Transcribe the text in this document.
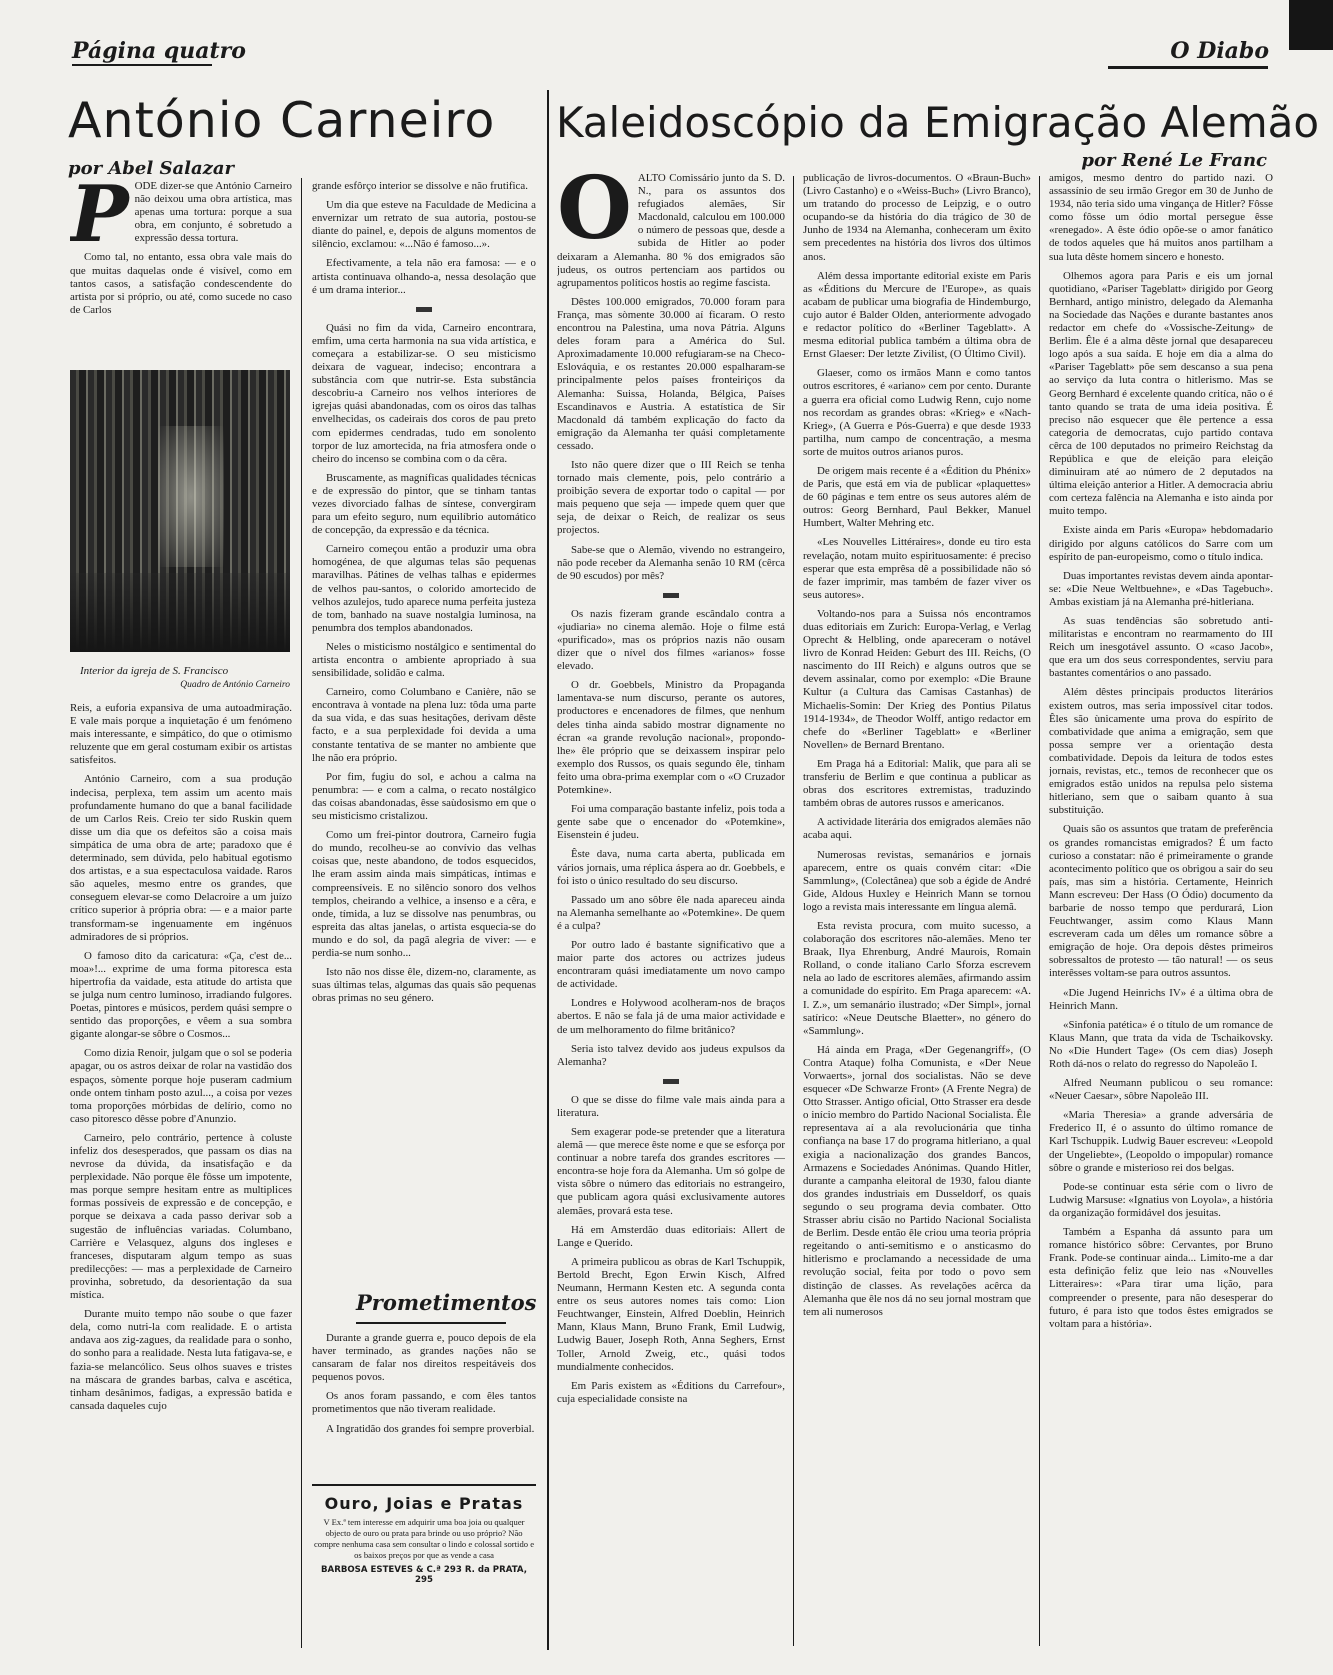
Página quatro	O Diabo
António Carneiro
por Abel Salazar
P ODE dizer-se que António Carneiro não deixou uma obra artística, mas apenas uma tortura: porque a sua obra, em conjunto, é sobretudo a expressão dessa tortura.

Como tal, no entanto, essa obra vale mais do que muitas daquelas onde é visível, como em tantos casos, a satisfação condescendente do artista por si próprio, ou até, como sucede no caso de Carlos

Interior da igreja de S. Francisco
Quadro de António Carneiro

Reis, a euforia expansiva de uma autoadmiração. E vale mais porque a inquietação é um fenómeno mais interessante, e simpático, do que o otimismo reluzente que em geral costumam exibir os artistas satisfeitos.

António Carneiro, com a sua produção indecisa, perplexa, tem assim um acento mais profundamente humano do que a banal facilidade de um Carlos Reis. Creio ter sido Ruskin quem disse um dia que os defeitos são a coisa mais simpática de uma obra de arte; paradoxo que é determinado, sem dúvida, pelo habitual egotismo dos artistas, e a sua espectaculosa vaidade. Raros são aqueles, mesmo entre os grandes, que conseguem elevar-se como Delacroire a um juízo crítico superior à própria obra: — e a maior parte transformam-se ingenuamente em ingénuos admiradores de si próprios.

O famoso dito da caricatura: «Ça, c'est de... moa»!... exprime de uma forma pitoresca esta hipertrofia da vaidade, esta atitude do artista que se julga num centro luminoso, irradiando fulgores. Poetas, pintores e músicos, perdem quási sempre o sentido das proporções, e vêem a sua sombra gigante alongar-se sôbre o Cosmos...

Como dizia Renoir, julgam que o sol se poderia apagar, ou os astros deixar de rolar na vastidão dos espaços, sòmente porque hoje puseram cadmium onde ontem tinham posto azul..., a coisa por vezes toma proporções mórbidas de delírio, como no caso pitoresco dêsse pobre d'Anunzio.

Carneiro, pelo contrário, pertence à coluste infeliz dos desesperados, que passam os dias na nevrose da dúvida, da insatisfação e da perplexidade. Não porque êle fôsse um impotente, mas porque sempre hesitam entre as multiplices formas possíveis de expressão e de concepção, e porque se deixava a cada passo derivar sob a sugestão de influências variadas. Columbano, Carrière e Velasquez, alguns dos ingleses e franceses, disputaram algum tempo as suas predilecções: — mas a perplexidade de Carneiro provinha, sobretudo, da desorientação da sua mística.

Durante muito tempo não soube o que fazer dela, como nutri-la com realidade. E o artista andava aos zig-zagues, da realidade para o sonho, do sonho para a realidade. Nesta luta fatigava-se, e fazia-se melancólico. Seus olhos suaves e tristes na máscara de grandes barbas, calva e ascética, tinham desânimos, fadigas, a expressão batida e cansada daqueles cujo

grande esfôrço interior se dissolve e não frutifica.

Um dia que esteve na Faculdade de Medicina a envernizar um retrato de sua autoria, postou-se diante do painel, e, depois de alguns momentos de silêncio, exclamou: «...Não é famoso...».

Efectivamente, a tela não era famosa: — e o artista continuava olhando-a, nessa desolação que é um drama interior...

Quási no fim da vida, Carneiro encontrara, emfim, uma certa harmonia na sua vida artística, e começara a estabilizar-se. O seu misticismo deixara de vaguear, indeciso; encontrara a substância com que nutrir-se. Esta substância descobriu-a Carneiro nos velhos interiores de igrejas quási abandonadas, com os oiros das talhas envelhecidas, os cadeirais dos coros de pau preto com epidermes cendradas, tudo em sonolento torpor de luz amortecida, na fria atmosfera onde o cheiro do incenso se combina com o da cêra.

Bruscamente, as magníficas qualidades técnicas e de expressão do pintor, que se tinham tantas vezes divorciado falhas de síntese, convergiram para um efeito seguro, num equilíbrio automático de concepção, da expressão e da técnica.

Carneiro começou então a produzir uma obra homogénea, de que algumas telas são pequenas maravilhas. Pátines de velhas talhas e epidermes de velhos pau-santos, o colorido amortecido de velhos azulejos, tudo aparece numa perfeita justeza de tom, banhado na suave nostalgia luminosa, na penumbra dos templos abandonados.

Neles o misticismo nostálgico e sentimental do artista encontra o ambiente apropriado à sua sensibilidade, solidão e calma.

Carneiro, como Columbano e Canière, não se encontrava à vontade na plena luz: tôda uma parte da sua vida, e das suas hesitações, derivam dêste facto, e a sua perplexidade foi devida a uma constante tentativa de se manter no ambiente que lhe não era próprio.

Por fim, fugiu do sol, e achou a calma na penumbra: — e com a calma, o recato nostálgico das coisas abandonadas, êsse saùdosismo em que o seu misticismo cristalizou.

Como um frei-pintor doutrora, Carneiro fugia do mundo, recolheu-se ao convívio das velhas coisas que, neste abandono, de todos esquecidos, lhe eram assim ainda mais simpáticas, íntimas e compreensíveis. E no silêncio sonoro dos velhos templos, cheirando a velhice, a insenso e a cêra, e onde, tímida, a luz se dissolve nas penumbras, ou espreita das altas janelas, o artista esquecia-se do mundo e do sol, da pagã alegria de viver: — e perdia-se num sonho...

Isto não nos disse êle, dizem-no, claramente, as suas últimas telas, algumas das quais são pequenas obras primas no seu género.

Prometimentos

Durante a grande guerra e, pouco depois de ela haver terminado, as grandes nações não se cansaram de falar nos direitos respeitáveis dos pequenos povos.

Os anos foram passando, e com êles tantos prometimentos que não tiveram realidade.

A Ingratidão dos grandes foi sempre proverbial.

Ouro, Joias e Pratas
V Ex.ª tem interesse em adquirir uma boa joia ou qualquer objecto de ouro ou prata para brinde ou uso próprio? Não compre nenhuma casa sem consultar o lindo e colossal sortido e os baixos preços por que as vende a casa
BARBOSA ESTEVES & C.ª 293 R. da PRATA, 295
Kaleidoscópio da Emigração Alemão
por René Le Franc
O ALTO Comissário junto da S. D. N., para os assuntos dos refugiados alemães, Sir Macdonald, calculou em 100.000 o número de pessoas que, desde a subida de Hitler ao poder deixaram a Alemanha. 80 % dos emigrados são judeus, os outros pertenciam aos partidos ou agrupamentos políticos hostis ao regime fascista.

Dêstes 100.000 emigrados, 70.000 foram para França, mas sòmente 30.000 aí ficaram. O resto encontrou na Palestina, uma nova Pátria. Alguns deles foram para a América do Sul. Aproximadamente 10.000 refugiaram-se na Checo-Eslováquia, e os restantes 20.000 espalharam-se principalmente pelos países fronteiriços da Alemanha: Suissa, Holanda, Bélgica, Países Escandinavos e Austria. A estatística de Sir Macdonald dá também explicação do facto da emigração da Alemanha ter quási completamente cessado.

Isto não quere dizer que o III Reich se tenha tornado mais clemente, pois, pelo contrário a proibição severa de exportar todo o capital — por mais pequeno que seja — impede quem quer que seja, de deixar o Reich, de realizar os seus projectos.

Sabe-se que o Alemão, vivendo no estrangeiro, não pode receber da Alemanha senão 10 RM (cêrca de 90 escudos) por mês?

Os nazis fizeram grande escândalo contra a «judiaria» no cinema alemão. Hoje o filme está «purificado», mas os próprios nazis não ousam dizer que o nível dos filmes «arianos» fosse elevado.

O dr. Goebbels, Ministro da Propaganda lamentava-se num discurso, perante os autores, productores e encenadores de filmes, que nenhum deles tinha ainda sabido mostrar dignamente no écran «a grande revolução nacional», propondo-lhe» êle próprio que se deixassem inspirar pelo exemplo dos Russos, os quais segundo êle, tinham feito uma obra-prima exemplar com o «O Cruzador Potemkine».

Foi uma comparação bastante infeliz, pois toda a gente sabe que o encenador do «Potemkine», Eisenstein é judeu.

Êste dava, numa carta aberta, publicada em vários jornais, uma réplica áspera ao dr. Goebbels, e foi isto o único resultado do seu discurso.

Passado um ano sôbre êle nada apareceu ainda na Alemanha semelhante ao «Potemkine». De quem é a culpa?

Por outro lado é bastante significativo que a maior parte dos actores ou actrizes judeus encontraram quási imediatamente um novo campo de actividade.

Londres e Holywood acolheram-nos de braços abertos. E não se fala já de uma maior actividade e de um melhoramento do filme britânico?

Seria isto talvez devido aos judeus expulsos da Alemanha?

O que se disse do filme vale mais ainda para a literatura.

Sem exagerar pode-se pretender que a literatura alemã — que merece êste nome e que se esforça por continuar a nobre tarefa dos grandes escritores — encontra-se hoje fora da Alemanha. Um só golpe de vista sôbre o número das editoriais no estrangeiro, que publicam agora quási exclusivamente autores alemães, provará esta tese.

Há em Amsterdão duas editoriais: Allert de Lange e Querido.

A primeira publicou as obras de Karl Tschuppik, Bertold Brecht, Egon Erwin Kisch, Alfred Neumann, Hermann Kesten etc. A segunda conta entre os seus autores nomes tais como: Lion Feuchtwanger, Einstein, Alfred Doeblin, Heinrich Mann, Klaus Mann, Bruno Frank, Emil Ludwig, Ludwig Bauer, Joseph Roth, Anna Seghers, Ernst Toller, Arnold Zweig, etc., quási todos mundialmente conhecidos.

Em Paris existem as «Éditions du Carrefour», cuja especialidade consiste na

publicação de livros-documentos. O «Braun-Buch» (Livro Castanho) e o «Weiss-Buch» (Livro Branco), um tratando do processo de Leipzig, e o outro ocupando-se da história do dia trágico de 30 de Junho de 1934 na Alemanha, conheceram um êxito sem precedentes na história dos livros dos últimos anos.

Além dessa importante editorial existe em Paris as «Éditions du Mercure de l'Europe», as quais acabam de publicar uma biografia de Hindemburgo, cujo autor é Balder Olden, anteriormente advogado e redactor político do «Berliner Tageblatt». A mesma editorial publica também a última obra de Ernst Glaeser: Der letzte Zivilist, (O Último Civil).

Glaeser, como os irmãos Mann e como tantos outros escritores, é «ariano» cem por cento. Durante a guerra era oficial como Ludwig Renn, cujo nome nos recordam as grandes obras: «Krieg» e «Nach-Krieg», (A Guerra e Pós-Guerra) e que desde 1933 partilha, num campo de concentração, a mesma sorte de muitos outros arianos puros.

De origem mais recente é a «Édition du Phénix» de Paris, que está em via de publicar «plaquettes» de 60 páginas e tem entre os seus autores além de outros: Georg Bernhard, Paul Bekker, Manuel Humbert, Walter Mehring etc.

«Les Nouvelles Littéraires», donde eu tiro esta revelação, notam muito espirituosamente: é preciso esperar que esta emprêsa dê a possibilidade não só de fazer imprimir, mas também de fazer viver os seus autores».

Voltando-nos para a Suissa nós encontramos duas editoriais em Zurich: Europa-Verlag, e Verlag Oprecht & Helbling, onde apareceram o notável livro de Konrad Heiden: Geburt des III. Reichs, (O nascimento do III Reich) e alguns outros que se devem assinalar, como por exemplo: «Die Braune Kultur (a Cultura das Camisas Castanhas) de Michaelis-Somin: Der Krieg des Pontius Pilatus 1914-1934», de Theodor Wolff, antigo redactor em chefe do «Berliner Tageblatt» e «Berliner Novellen» de Bernard Brentano.

Em Praga há a Editorial: Malik, que para ali se transferiu de Berlim e que continua a publicar as obras dos escritores extremistas, traduzindo também obras de autores russos e americanos.

A actividade literária dos emigrados alemães não acaba aqui.

Numerosas revistas, semanários e jornais aparecem, entre os quais convém citar: «Die Sammlung», (Colectânea) que sob a égide de André Gide, Aldous Huxley e Heinrich Mann se tornou logo a revista mais interessante em língua alemã.

Esta revista procura, com muito sucesso, a colaboração dos escritores não-alemães. Meno ter Braak, Ilya Ehrenburg, André Maurois, Romain Rolland, o conde italiano Carlo Sforza escrevem nela ao lado de escritores alemães, afirmando assim a comunidade do espírito. Em Praga aparecem: «A. I. Z.», um semanário ilustrado; «Der Simpl», jornal satírico: «Neue Deutsche Blaetter», no género do «Sammlung».

Há ainda em Praga, «Der Gegenangriff», (O Contra Ataque) folha Comunista, e «Der Neue Vorwaerts», jornal dos socialistas. Não se deve esquecer «De Schwarze Front» (A Frente Negra) de Otto Strasser. Antigo oficial, Otto Strasser era desde o início membro do Partido Nacional Socialista. Êle representava aí a ala revolucionária que tinha confiança na base 17 do programa hitleriano, a qual exigia a nacionalização dos grandes Bancos, Armazens e Sociedades Anónimas. Quando Hitler, durante a campanha eleitoral de 1930, falou diante dos grandes industriais em Dusseldorf, os quais segundo o seu programa devia combater. Otto Strasser abriu cisão no Partido Nacional Socialista de Berlim. Desde então êle criou uma teoria própria regeitando o anti-semitismo e o ansticasmo do hitlerismo e proclamando a necessidade de uma revolução social, feita por todo o povo sem distinção de classes. As revelações acêrca da Alemanha que êle nos dá no seu jornal mostram que tem ali numerosos

amigos, mesmo dentro do partido nazi. O assassínio de seu irmão Gregor em 30 de Junho de 1934, não teria sido uma vingança de Hitler? Fôsse como fôsse um ódio mortal persegue êsse «renegado». A êste ódio opõe-se o amor fanático de todos aqueles que há muitos anos partilham a sua luta dêste homem sincero e honesto.

Olhemos agora para Paris e eis um jornal quotidiano, «Pariser Tageblatt» dirigido por Georg Bernhard, antigo ministro, delegado da Alemanha na Sociedade das Nações e durante bastantes anos redactor em chefe do «Vossische-Zeitung» de Berlim. Êle é a alma dêste jornal que desapareceu logo após a sua saída. E hoje em dia a alma do «Pariser Tageblatt» põe sem descanso a sua pena ao serviço da luta contra o hitlerismo. Mas se Georg Bernhard é excelente quando critíca, não o é tanto quando se trata de uma ideia positiva. É preciso não esquecer que êle pertence a essa categoria de democratas, cujo partido contava cêrca de 100 deputados no primeiro Reichstag da República e que de eleição para eleição diminuiram até ao número de 2 deputados na última eleição anterior a Hitler. A democracia abriu com certeza falência na Alemanha e isto ainda por muito tempo.

Existe ainda em Paris «Europa» hebdomadario dirigido por alguns católicos do Sarre com um espírito de pan-europeismo, como o título indica.

Duas importantes revistas devem ainda apontar-se: «Die Neue Weltbuehne», e «Das Tagebuch». Ambas existiam já na Alemanha pré-hitleriana.

As suas tendências são sobretudo anti-militaristas e encontram no rearmamento do III Reich um inesgotável assunto. O «caso Jacob», que era um dos seus correspondentes, serviu para bastantes comentários o ano passado.

Além dêstes principais productos literários existem outros, mas seria impossível citar todos. Êles são ùnicamente uma prova do espírito de combatividade que anima a emigração, sem que possa sempre ver a orientação desta combatividade. Depois da leitura de todos estes jornais, revistas, etc., temos de reconhecer que os emigrados estão unidos na repulsa pelo sistema hitleriano, sem que o saibam quanto à sua substituição.

Quais são os assuntos que tratam de preferência os grandes romancistas emigrados? É um facto curioso a constatar: não é primeiramente o grande acontecimento político que os obrigou a sair do seu país, mas sim a história. Certamente, Heinrich Mann escreveu: Der Hass (O Ódio) documento da barbarie de nosso tempo que perdurará, Lion Feuchtwanger, assim como Klaus Mann escreveram cada um dêles um romance sôbre a emigração de hoje. Ora depois dêstes primeiros sobressaltos de protesto — tão natural! — os seus interêsses voltam-se para outros assuntos.

«Die Jugend Heinrichs IV» é a última obra de Heinrich Mann.

«Sinfonia patética» é o título de um romance de Klaus Mann, que trata da vida de Tschaikovsky. No «Die Hundert Tage» (Os cem dias) Joseph Roth dá-nos o relato do regresso do Napoleão I.

Alfred Neumann publicou o seu romance: «Neuer Caesar», sôbre Napoleão III.

«Maria Theresia» a grande adversária de Frederico II, é o assunto do último romance de Karl Tschuppik. Ludwig Bauer escreveu: «Leopold der Ungeliebte», (Leopoldo o impopular) romance sôbre o grande e misterioso rei dos belgas.

Pode-se continuar esta série com o livro de Ludwig Marsuse: «Ignatius von Loyola», a história da organização formidável dos jesuitas.

Também a Espanha dá assunto para um romance histórico sôbre: Cervantes, por Bruno Frank. Pode-se continuar ainda... Limito-me a dar esta definição feliz que leio nas «Nouvelles Litteraires»: «Para tirar uma lição, para compreender o presente, para não desesperar do futuro, é para isto que todos êstes emigrados se voltam para a história».
